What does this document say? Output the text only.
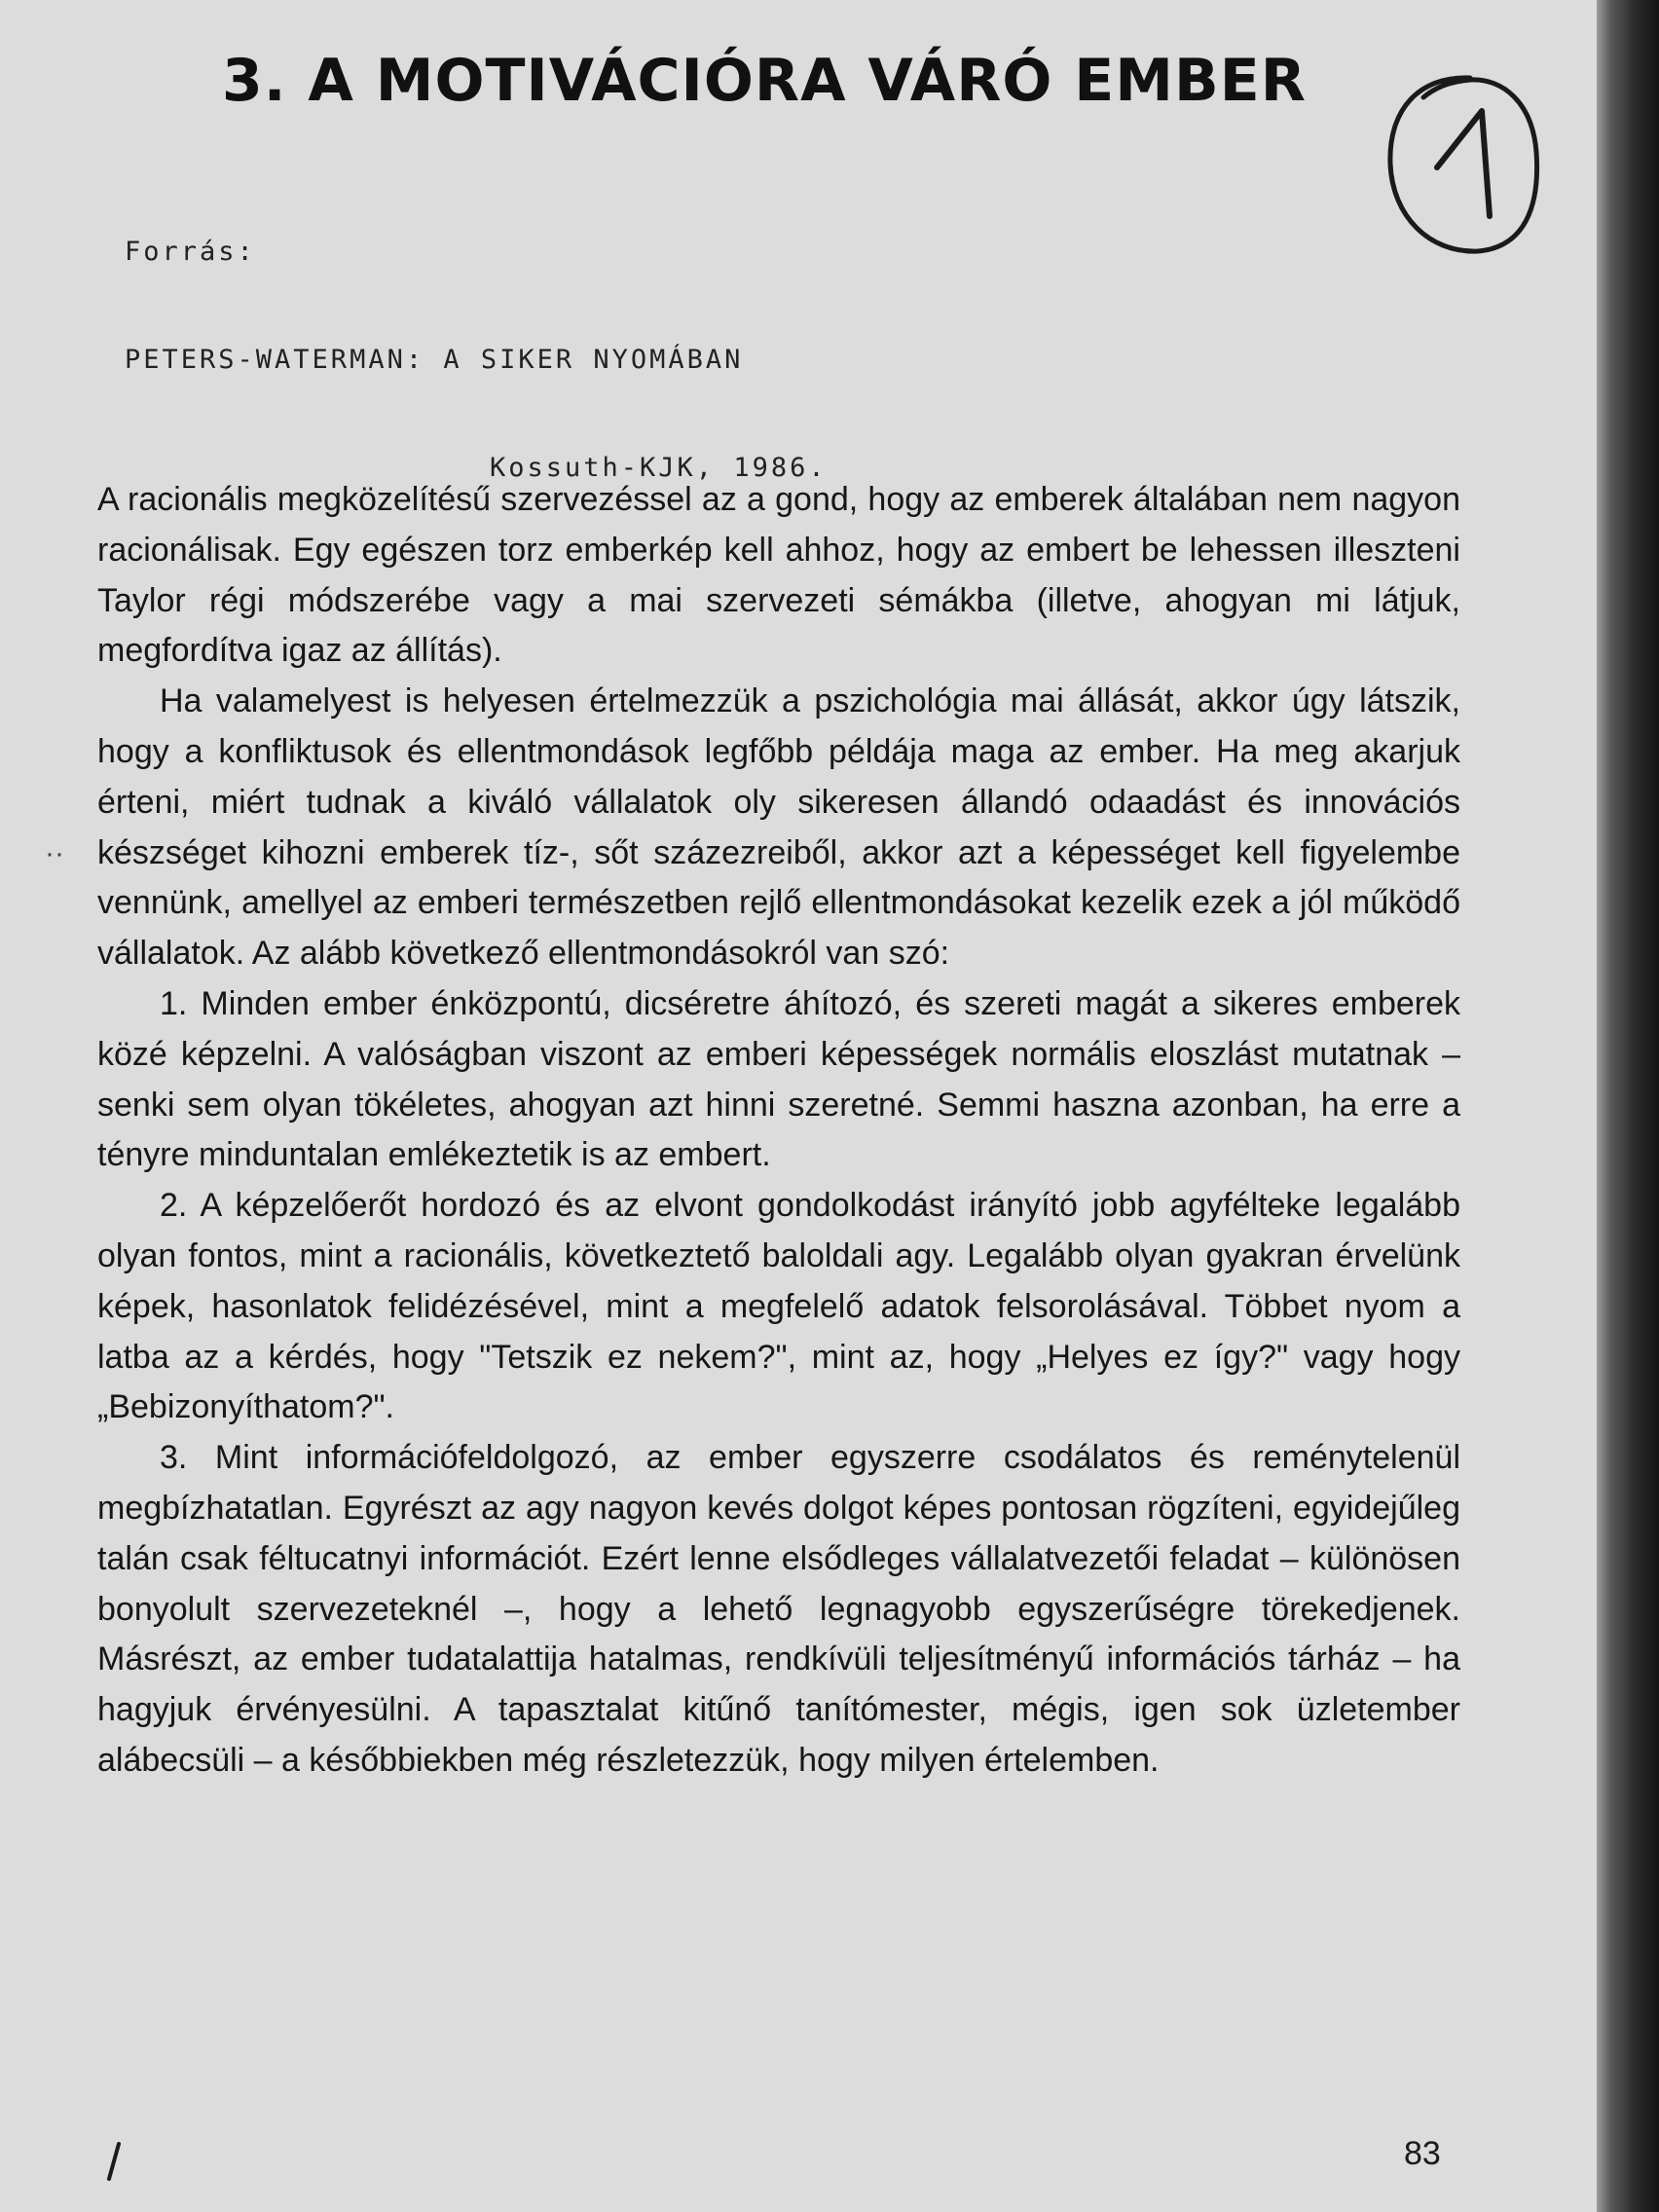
3. A MOTIVÁCIÓRA VÁRÓ EMBER

Forrás:

PETERS-WATERMAN: A SIKER NYOMÁBAN

Kossuth-KJK, 1986.

A racionális megközelítésű szervezéssel az a gond, hogy az emberek általában nem nagyon racionálisak. Egy egészen torz emberkép kell ahhoz, hogy az embert be lehessen illeszteni Taylor régi módszerébe vagy a mai szervezeti sémákba (illetve, ahogyan mi látjuk, megfordítva igaz az állítás).

Ha valamelyest is helyesen értelmezzük a pszichológia mai állását, akkor úgy látszik, hogy a konfliktusok és ellentmondások legfőbb példája maga az ember. Ha meg akarjuk érteni, miért tudnak a kiváló vállalatok oly sikeresen állandó odaadást és innovációs készséget kihozni emberek tíz-, sőt százezreiből, akkor azt a képességet kell figyelembe vennünk, amellyel az emberi természetben rejlő ellentmondásokat kezelik ezek a jól működő vállalatok. Az alább következő ellentmondásokról van szó:

1. Minden ember énközpontú, dicséretre áhítozó, és szereti magát a sikeres emberek közé képzelni. A valóságban viszont az emberi képességek normális eloszlást mutatnak – senki sem olyan tökéletes, ahogyan azt hinni szeretné. Semmi haszna azonban, ha erre a tényre minduntalan emlékeztetik is az embert.

2. A képzelőerőt hordozó és az elvont gondolkodást irányító jobb agyfélteke legalább olyan fontos, mint a racionális, következtető baloldali agy. Legalább olyan gyakran érvelünk képek, hasonlatok felidézésével, mint a megfelelő adatok felsorolásával. Többet nyom a latba az a kérdés, hogy "Tetszik ez nekem?", mint az, hogy „Helyes ez így?" vagy hogy „Bebizonyíthatom?".

3. Mint információfeldolgozó, az ember egyszerre csodálatos és reménytelenül megbízhatatlan. Egyrészt az agy nagyon kevés dolgot képes pontosan rögzíteni, egyidejűleg talán csak féltucatnyi információt. Ezért lenne elsődleges vállalatvezetői feladat – különösen bonyolult szervezeteknél –, hogy a lehető legnagyobb egyszerűségre törekedjenek. Másrészt, az ember tudatalattija hatalmas, rendkívüli teljesítményű információs tárház – ha hagyjuk érvényesülni. A tapasztalat kitűnő tanítómester, mégis, igen sok üzletember alábecsüli – a későbbiekben még részletezzük, hogy milyen értelemben.

··
83
